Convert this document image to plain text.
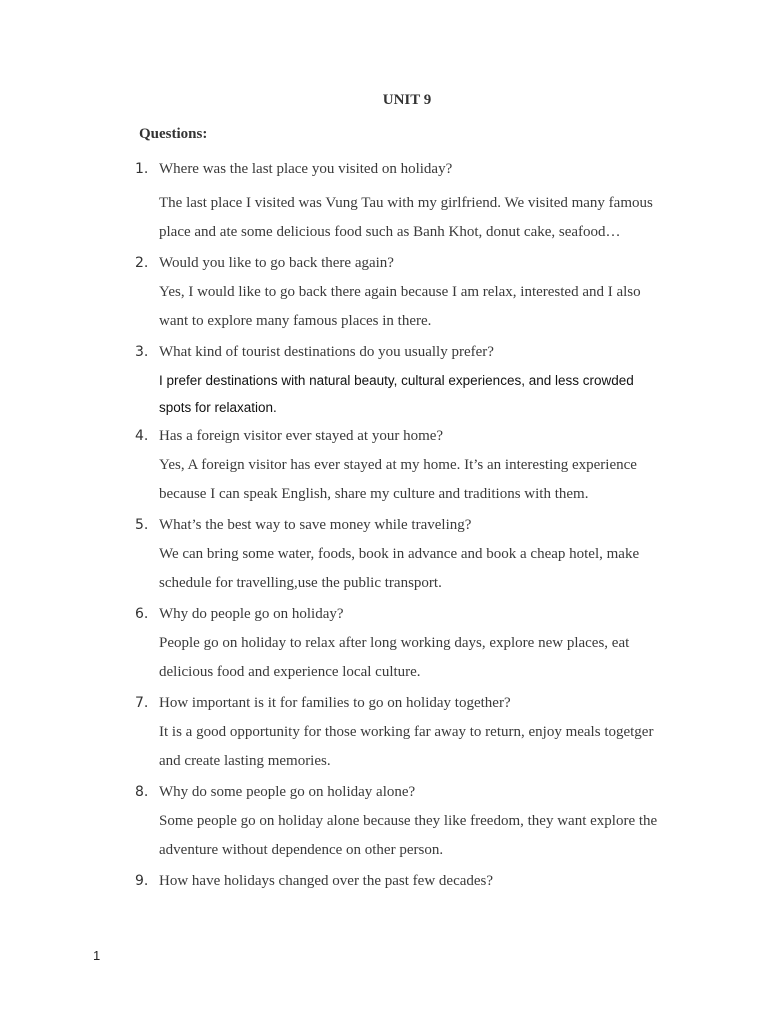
UNIT 9
Questions:
1. Where was the last place you visited on holiday?
The last place I visited was Vung Tau with my girlfriend. We visited many famous
place and ate some delicious food such as Banh Khot, donut cake, seafood…
2. Would you like to go back there again?
Yes, I would like to go back there again because I am relax, interested and I also
want to explore many famous places in there.
3. What kind of tourist destinations do you usually prefer?
I prefer destinations with natural beauty, cultural experiences, and less crowded
spots for relaxation.
4. Has a foreign visitor ever stayed at your home?
Yes, A foreign visitor has ever stayed at my home. It’s an interesting experience
because I can speak English, share my culture and traditions with them.
5. What’s the best way to save money while traveling?
We can bring some water, foods, book in advance and book a cheap hotel, make
schedule for travelling,use the public transport.
6. Why do people go on holiday?
People go on holiday to relax after long working days, explore new places, eat
delicious food and experience local culture.
7. How important is it for families to go on holiday together?
It is a good opportunity for those working far away to return, enjoy meals togetger
and create lasting memories.
8. Why do some people go on holiday alone?
Some people go on holiday alone because they like freedom, they want explore the
adventure without dependence on other person.
9. How have holidays changed over the past few decades?
1
